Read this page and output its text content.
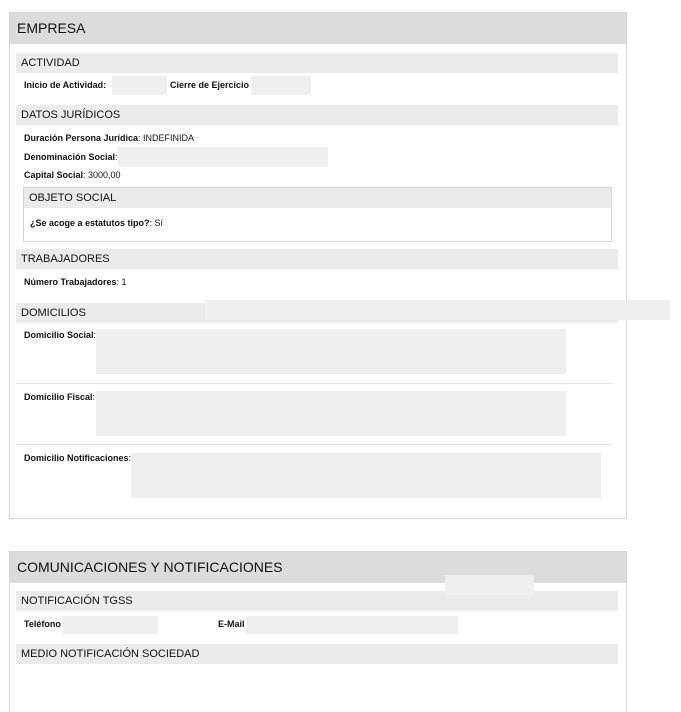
EMPRESA
ACTIVIDAD
Inicio de Actividad:	Cierre de Ejercicio
DATOS JURÍDICOS
Duración Persona Jurídica: INDEFINIDA
Denominación Social:
Capital Social: 3000,00
OBJETO SOCIAL
¿Se acoge a estatutos tipo?: Sí
TRABAJADORES
Número Trabajadores: 1
DOMICILIOS
Domicilio Social:
Domicilio Fiscal:
Domicilio Notificaciones:
COMUNICACIONES Y NOTIFICACIONES
NOTIFICACIÓN TGSS
Teléfono	E-Mail
MEDIO NOTIFICACIÓN SOCIEDAD
